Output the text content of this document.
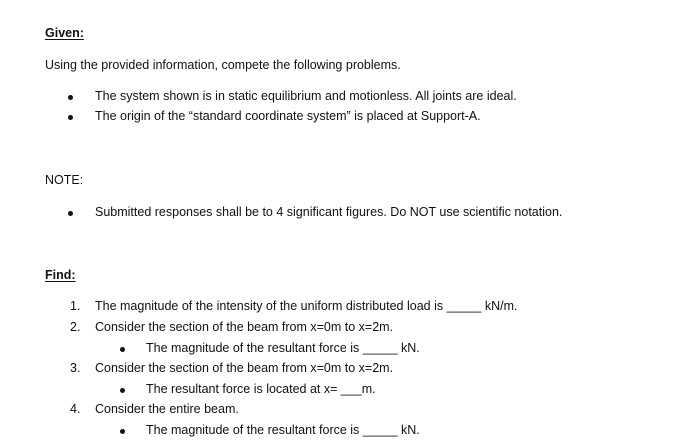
Given:
Using the provided information, compete the following problems.
The system shown is in static equilibrium and motionless. All joints are ideal.
The origin of the “standard coordinate system” is placed at Support-A.
NOTE:
Submitted responses shall be to 4 significant figures. Do NOT use scientific notation.
Find:
1. The magnitude of the intensity of the uniform distributed load is _____ kN/m.
2. Consider the section of the beam from x=0m to x=2m.
The magnitude of the resultant force is _____ kN.
3. Consider the section of the beam from x=0m to x=2m.
The resultant force is located at x= ___m.
4. Consider the entire beam.
The magnitude of the resultant force is _____ kN.
